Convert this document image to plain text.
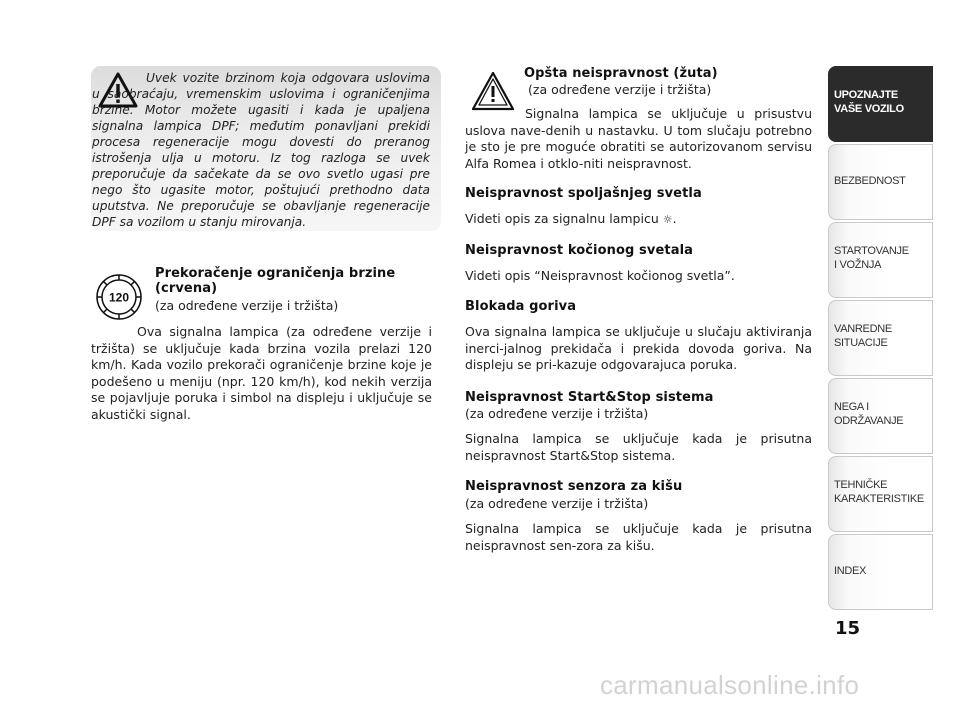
Uvek vozite brzinom koja odgovara uslovima u saobraćaju, vremenskim uslovima i ograničenjima brzine. Motor možete ugasiti i kada je upaljena signalna lampica DPF; međutim ponavljani prekidi procesa regeneracije mogu dovesti do preranog istrošenja ulja u motoru. Iz tog razloga se uvek preporučuje da sačekate da se ovo svetlo ugasi pre nego što ugasite motor, poštujući prethodno data uputstva. Ne preporučuje se obavljanje regeneracije DPF sa vozilom u stanju mirovanja.
120
Prekoračenje ograničenja brzine (crvena)
(za određene verzije i tržišta)
Ova signalna lampica (za određene verzije i tržišta) se uključuje kada brzina vozila prelazi 120 km/h. Kada vozilo prekorači ograničenje brzine koje je podešeno u meniju (npr. 120 km/h), kod nekih verzija se pojavljuje poruka i simbol na displeju i uključuje se akustički signal.
Opšta neispravnost (žuta)
(za određene verzije i tržišta)
Signalna lampica se uključuje u prisustvu uslova nave-denih u nastavku. U tom slučaju potrebno je sto je pre moguće obratiti se autorizovanom servisu Alfa Romea i otklo-niti neispravnost.
Neispravnost spoljašnjeg svetla
Videti opis za signalnu lampicu ☼.
Neispravnost kočionog svetala
Videti opis “Neispravnost kočionog svetla”.
Blokada goriva
Ova signalna lampica se uključuje u slučaju aktiviranja inerci-jalnog prekidača i prekida dovoda goriva. Na displeju se pri-kazuje odgovarajuca poruka.
Neispravnost Start&Stop sistema
(za određene verzije i tržišta)
Signalna lampica se uključuje kada je prisutna neispravnost Start&Stop sistema.
Neispravnost senzora za kišu
(za određene verzije i tržišta)
Signalna lampica se uključuje kada je prisutna neispravnost sen-zora za kišu.
UPOZNAJTE
VAŠE VOZILO
BEZBEDNOST
STARTOVANJE
I VOŽNJA
VANREDNE
SITUACIJE
NEGA I
ODRŽAVANJE
TEHNIČKE
KARAKTERISTIKE
INDEX
15
carmanualsonline.info
